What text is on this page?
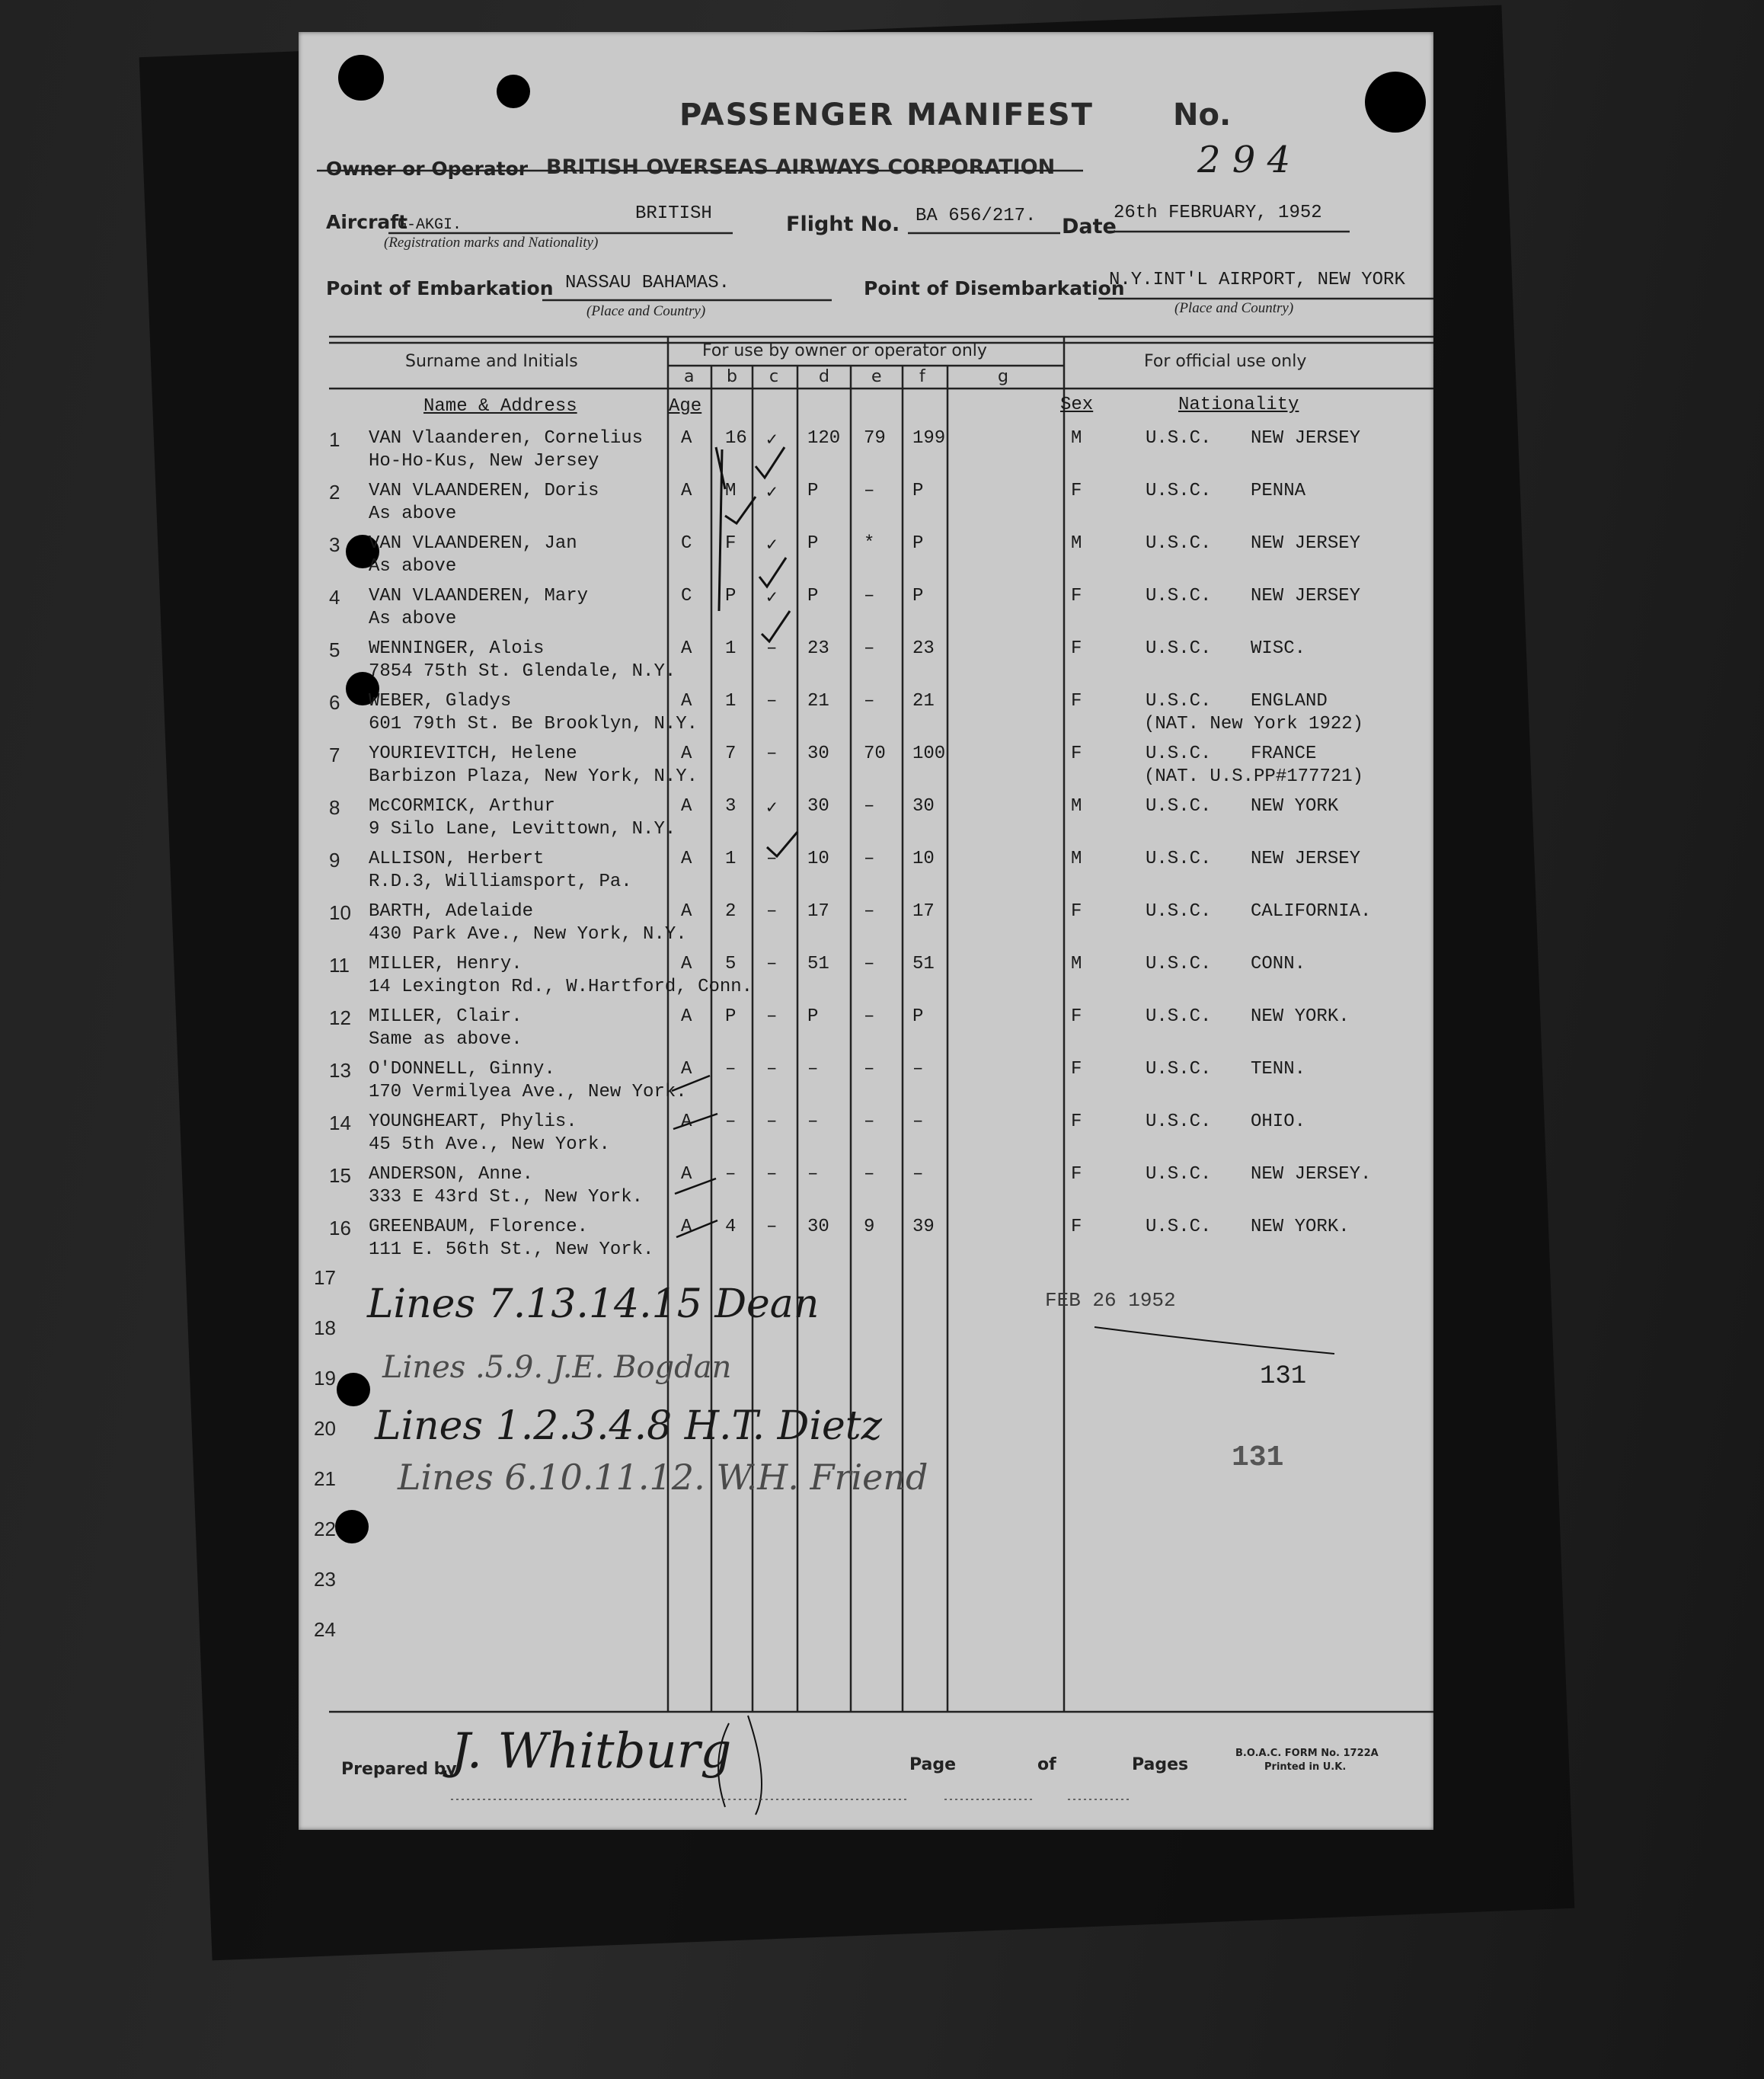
PASSENGER MANIFEST	No.
2 9 4
Owner or Operator BRITISH OVERSEAS AIRWAYS CORPORATION
Aircraft
G-AKGI.
BRITISH
(Registration marks and Nationality)
Flight No. BA 656/217. Date
26th FEBRUARY, 1952
Point of Embarkation NASSAU BAHAMAS.
(Place and Country)
Point of Disembarkation
N.Y.INT'L AIRPORT, NEW YORK
(Place and Country)
Surname and Initials
For use by owner or operator only
For official use only
a b c d	e f	g
Name & Address	Age	Sex	Nationality
1 VAN Vlaanderen, Cornelius
Ho-Ho-Kus, New Jersey
A 16 ✓ 120 79 199	M	U.S.C. NEW JERSEY
2 VAN VLAANDEREN, Doris
As above
A M ✓ P – P	F	U.S.C. PENNA
3 VAN VLAANDEREN, Jan
As above
C F ✓ P * P	M	U.S.C. NEW JERSEY
4 VAN VLAANDEREN, Mary
As above
C P ✓ P – P	F	U.S.C. NEW JERSEY
5 WENNINGER, Alois
7854 75th St. Glendale, N.Y.
A 1 – 23 – 23	F	U.S.C. WISC.
6 WEBER, Gladys
601 79th St. Be Brooklyn, N.Y.
A 1 – 21 – 21	F	U.S.C. ENGLAND
(NAT. New York 1922)
7 YOURIEVITCH, Helene
Barbizon Plaza, New York, N.Y.
A 7 – 30 70 100	F	U.S.C. FRANCE
(NAT. U.S.PP#177721)
8 McCORMICK, Arthur
9 Silo Lane, Levittown, N.Y.
A 3 ✓ 30 – 30	M	U.S.C. NEW YORK
9 ALLISON, Herbert
R.D.3, Williamsport, Pa.
A 1 – 10 – 10	M	U.S.C. NEW JERSEY
10 BARTH, Adelaide
430 Park Ave., New York, N.Y.
A 2 – 17 – 17	F	U.S.C. CALIFORNIA.
11 MILLER, Henry.
14 Lexington Rd., W.Hartford, Conn.
A 5 – 51 – 51	M	U.S.C. CONN.
12 MILLER, Clair.
Same as above.
A P – P – P	F	U.S.C. NEW YORK.
13 O'DONNELL, Ginny.
170 Vermilyea Ave., New York.
A – – – – –	F	U.S.C. TENN.
14 YOUNGHEART, Phylis.
45 5th Ave., New York.
A – – – – –	F	U.S.C. OHIO.
15 ANDERSON, Anne.
333 E 43rd St., New York.
A – – – – –	F	U.S.C. NEW JERSEY.
16 GREENBAUM, Florence.
111 E. 56th St., New York.
A 4 – 30 9 39	F	U.S.C. NEW YORK.
17
18
19
20
21
22
23
24
Lines 7.13.14.15 Dean
Lines .5.9. J.E. Bogdan
Lines 1.2.3.4.8 H.T. Dietz
Lines 6.10.11.12. W.H. Friend
FEB 26 1952
131
131
Prepared by
J. Whitburg	Page	of	Pages
B.O.A.C. FORM No. 1722A
Printed in U.K.
